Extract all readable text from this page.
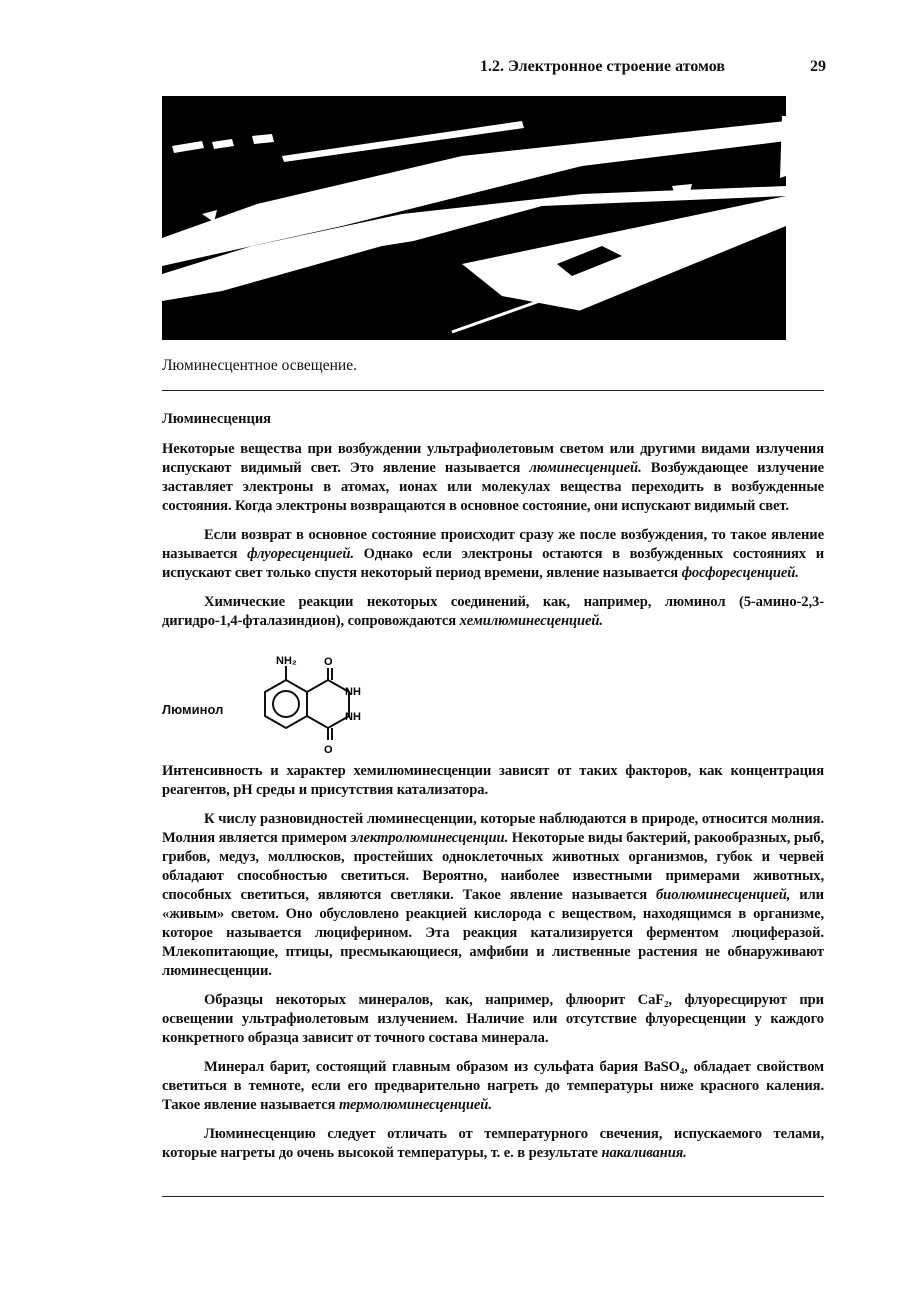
1.2. Электронное строение атомов	29
Люминесцентное освещение.
Люминесценция

Некоторые вещества при возбуждении ультрафиолетовым светом или другими видами излучения испускают видимый свет. Это явление называется люминесценцией. Возбуждающее излучение заставляет электроны в атомах, ионах или молекулах вещества переходить в возбужденные состояния. Когда электроны возвращаются в основное состояние, они испускают видимый свет.

Если возврат в основное состояние происходит сразу же после возбуждения, то такое явление называется флуоресценцией. Однако если электроны остаются в возбужденных состояниях и испускают свет только спустя некоторый период времени, явление называется фосфоресценцией.

Химические реакции некоторых соединений, как, например, люминол (5-амино-2,3-дигидро-1,4-фталазиндион), сопровождаются хемилюминесценцией.

Люминол
NH₂ O
NH
NH
O

Интенсивность и характер хемилюминесценции зависят от таких факторов, как концентрация реагентов, pH среды и присутствия катализатора.

К числу разновидностей люминесценции, которые наблюдаются в природе, относится молния. Молния является примером электролюминесценции. Некоторые виды бактерий, ракообразных, рыб, грибов, медуз, моллюсков, простейших одноклеточных животных организмов, губок и червей обладают способностью светиться. Вероятно, наиболее известными примерами животных, способных светиться, являются светляки. Такое явление называется биолюминесценцией, или «живым» светом. Оно обусловлено реакцией кислорода с веществом, находящимся в организме, которое называется люциферином. Эта реакция катализируется ферментом люциферазой. Млекопитающие, птицы, пресмыкающиеся, амфибии и лиственные растения не обнаруживают люминесценции.

Образцы некоторых минералов, как, например, флюорит CaF₂, флуоресцируют при освещении ультрафиолетовым излучением. Наличие или отсутствие флуоресценции у каждого конкретного образца зависит от точного состава минерала.

Минерал барит, состоящий главным образом из сульфата бария BaSO₄, обладает свойством светиться в темноте, если его предварительно нагреть до температуры ниже красного каления. Такое явление называется термолюминесценцией.

Люминесценцию следует отличать от температурного свечения, испускаемого телами, которые нагреты до очень высокой температуры, т. е. в результате накаливания.
